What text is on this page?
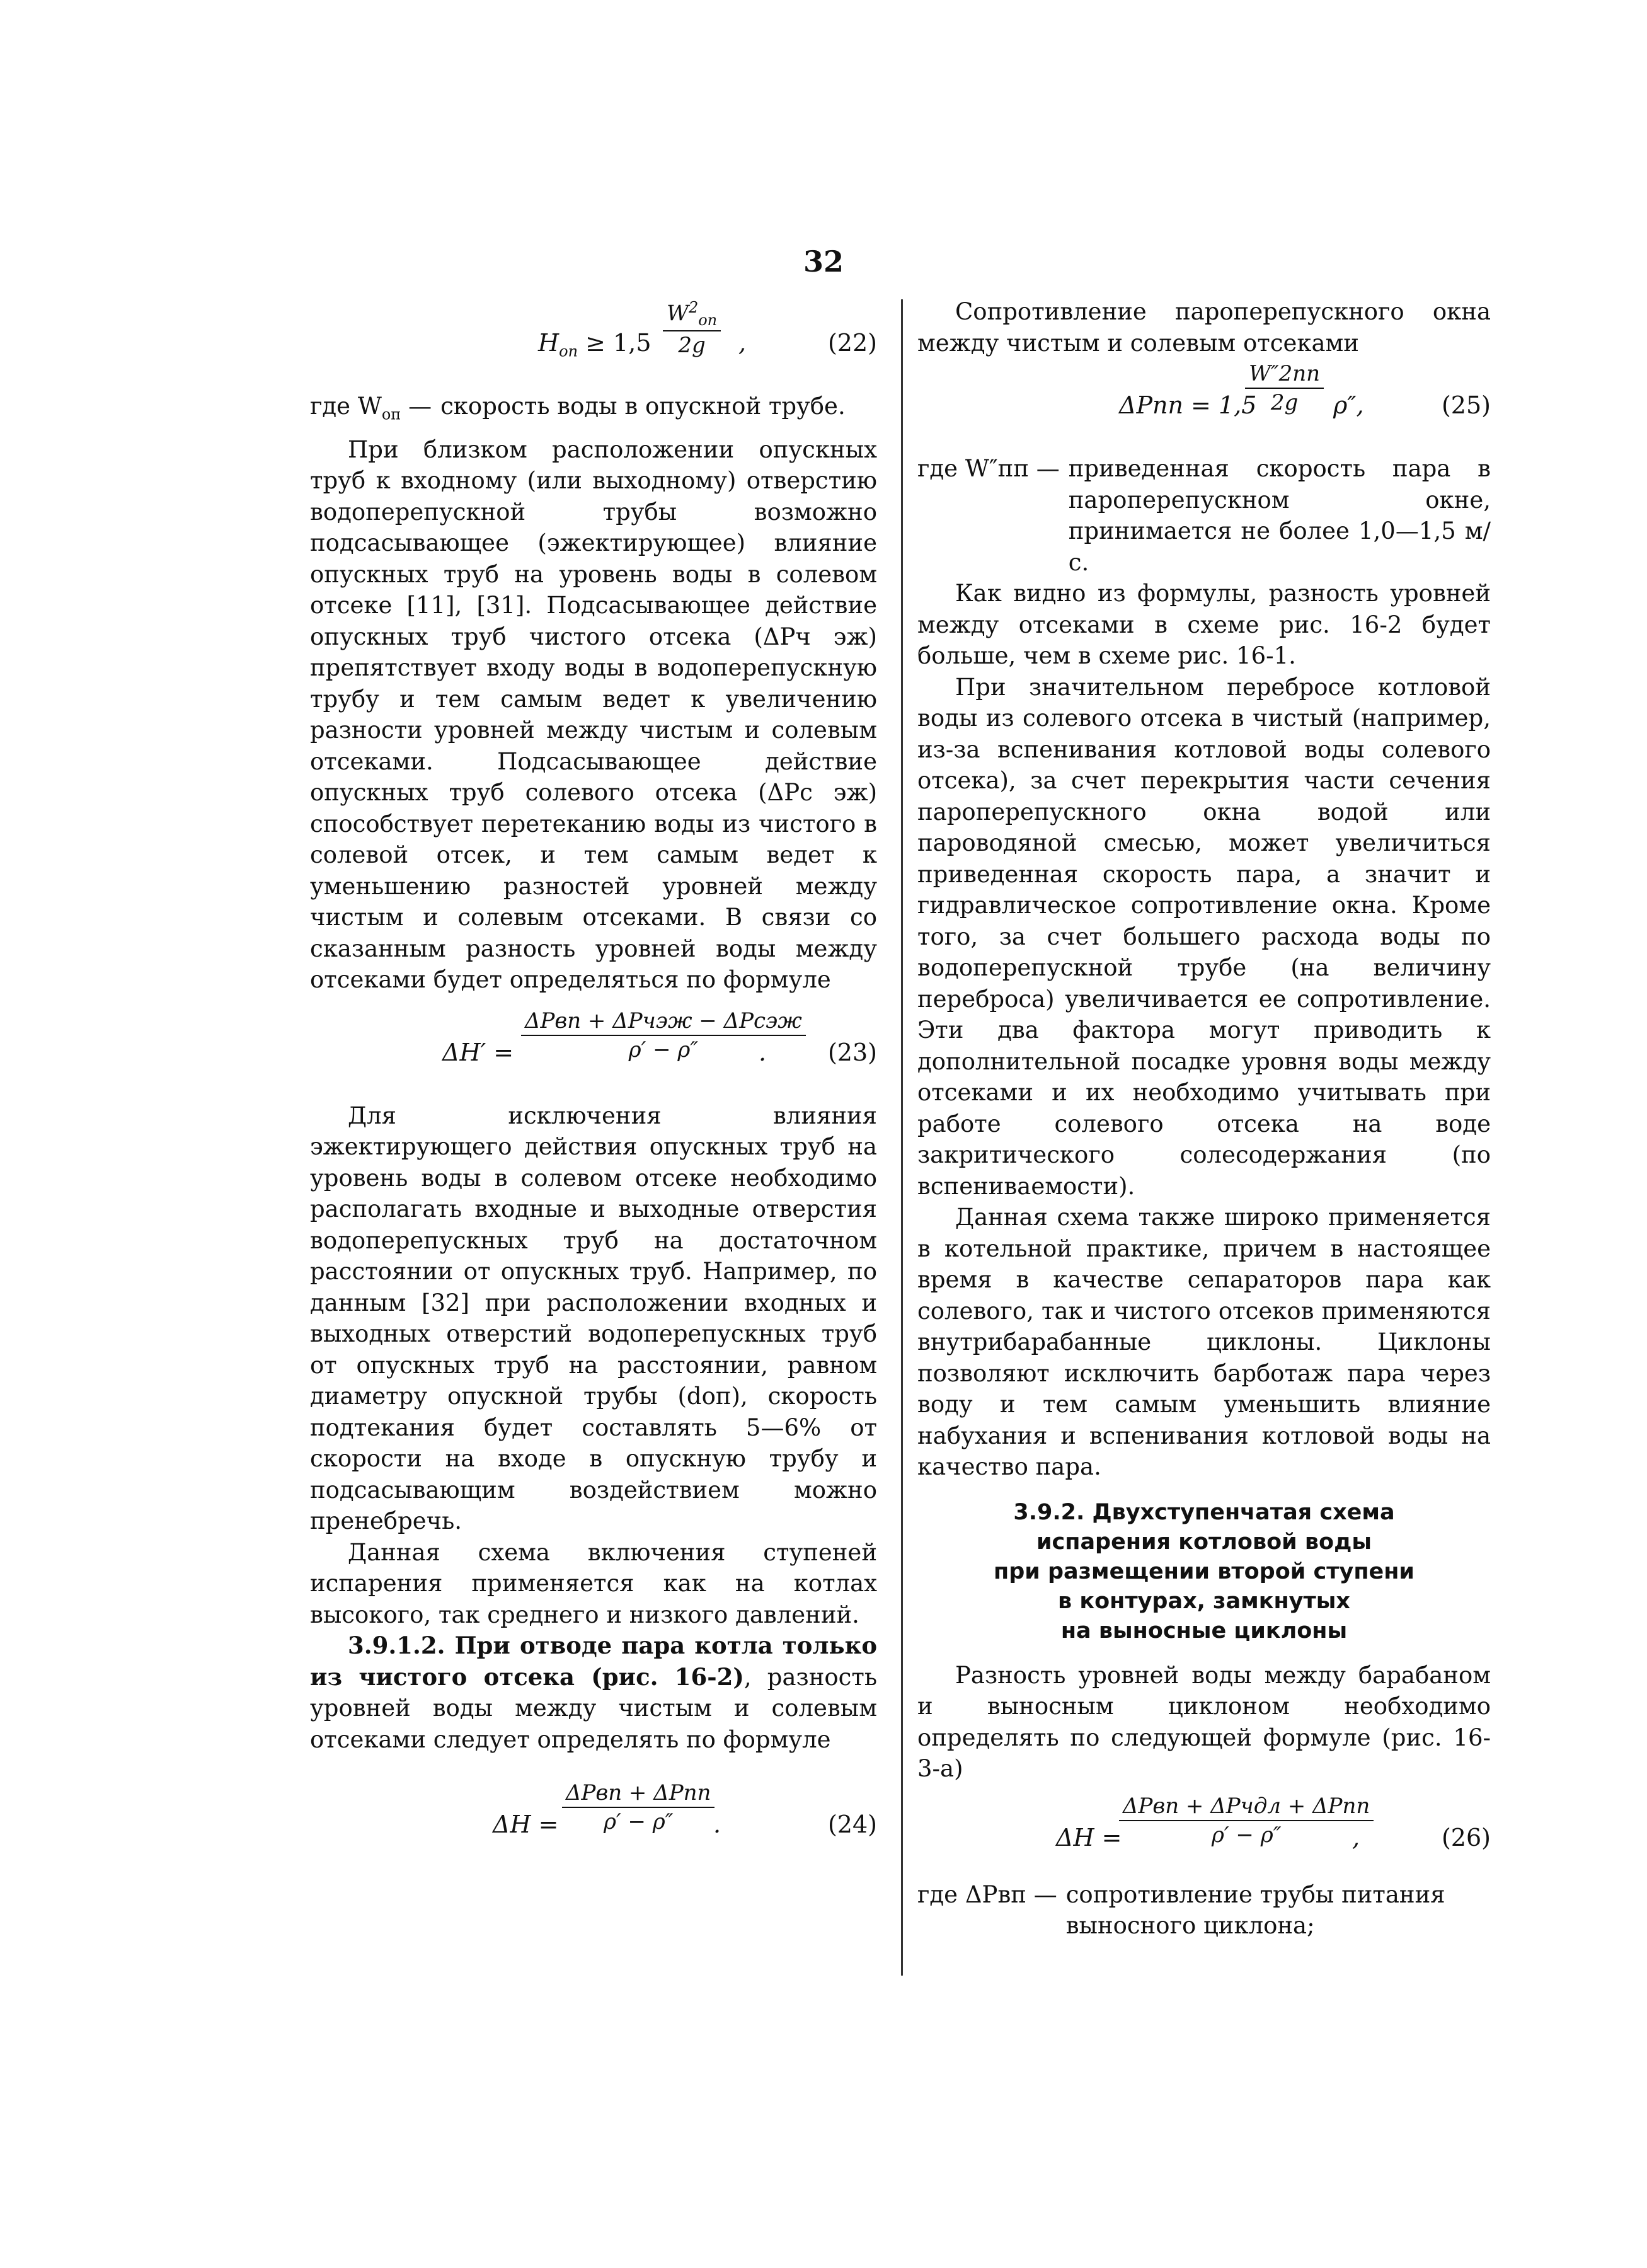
32
$H_{оп} \ge 1,5$
$W^2_{оп}$
2g	,	(22)
где $W_{оп}$ — скорость воды в опускной трубе.

При близком расположении опускных труб к входному (или выходному) отверстию водоперепускной трубы возможно подсасывающее (эжектирующее) влияние опускных труб на уровень воды в солевом отсеке [11], [31]. Подсасывающее действие опускных труб чистого отсека (ΔPч эж) препятствует входу воды в водоперепускную трубу и тем самым ведет к увеличению разности уровней между чистым и солевым отсеками. Подсасывающее действие опускных труб солевого отсека (ΔPс эж) способствует перетеканию воды из чистого в солевой отсек, и тем самым ведет к уменьшению разностей уровней между чистым и солевым отсеками. В связи со сказанным разность уровней воды между отсеками будет определяться по формуле

ΔH′ =
ΔPвп + ΔPчэж − ΔPсэж
ρ′ − ρ″	.	(23)

Для исключения влияния эжектирующего действия опускных труб на уровень воды в солевом отсеке необходимо располагать входные и выходные отверстия водоперепускных труб на достаточном расстоянии от опускных труб. Например, по данным [32] при расположении входных и выходных отверстий водоперепускных труб от опускных труб на расстоянии, равном диаметру опускной трубы (dоп), скорость подтекания будет составлять 5—6% от скорости на входе в опускную трубу и подсасывающим воздействием можно пренебречь.

Данная схема включения ступеней испарения применяется как на котлах высокого, так среднего и низкого давлений.

3.9.1.2. При отводе пара котла только из чистого отсека (рис. 16-2), разность уровней воды между чистым и солевым отсеками следует определять по формуле

ΔH =
ΔPвп + ΔPпп
ρ′ − ρ″	.	(24)

Сопротивление пароперепускного окна между чистым и солевым отсеками

ΔPпп = 1,5
W″2пп
2g	ρ″,	(25)
где W″пп — приведенная скорость пара в пароперепускном окне, принимается не более 1,0—1,5 м/с.

Как видно из формулы, разность уровней между отсеками в схеме рис. 16-2 будет больше, чем в схеме рис. 16-1.

При значительном перебросе котловой воды из солевого отсека в чистый (например, из-за вспенивания котловой воды солевого отсека), за счет перекрытия части сечения пароперепускного окна водой или пароводяной смесью, может увеличиться приведенная скорость пара, а значит и гидравлическое сопротивление окна. Кроме того, за счет большего расхода воды по водоперепускной трубе (на величину переброса) увеличивается ее сопротивление. Эти два фактора могут приводить к дополнительной посадке уровня воды между отсеками и их необходимо учитывать при работе солевого отсека на воде закритического солесодержания (по вспениваемости).

Данная схема также широко применяется в котельной практике, причем в настоящее время в качестве сепараторов пара как солевого, так и чистого отсеков применяются внутрибарабанные циклоны. Циклоны позволяют исключить барботаж пара через воду и тем самым уменьшить влияние набухания и вспенивания котловой воды на качество пара.

3.9.2. Двухступенчатая схема
испарения котловой воды
при размещении второй ступени
в контурах, замкнутых
на выносные циклоны

Разность уровней воды между барабаном и выносным циклоном необходимо определять по следующей формуле (рис. 16-3-а)

ΔH =
ΔPвп + ΔPчдл + ΔPпп
ρ′ − ρ″	,	(26)
где ΔPвп — сопротивление трубы питания выносного циклона;
